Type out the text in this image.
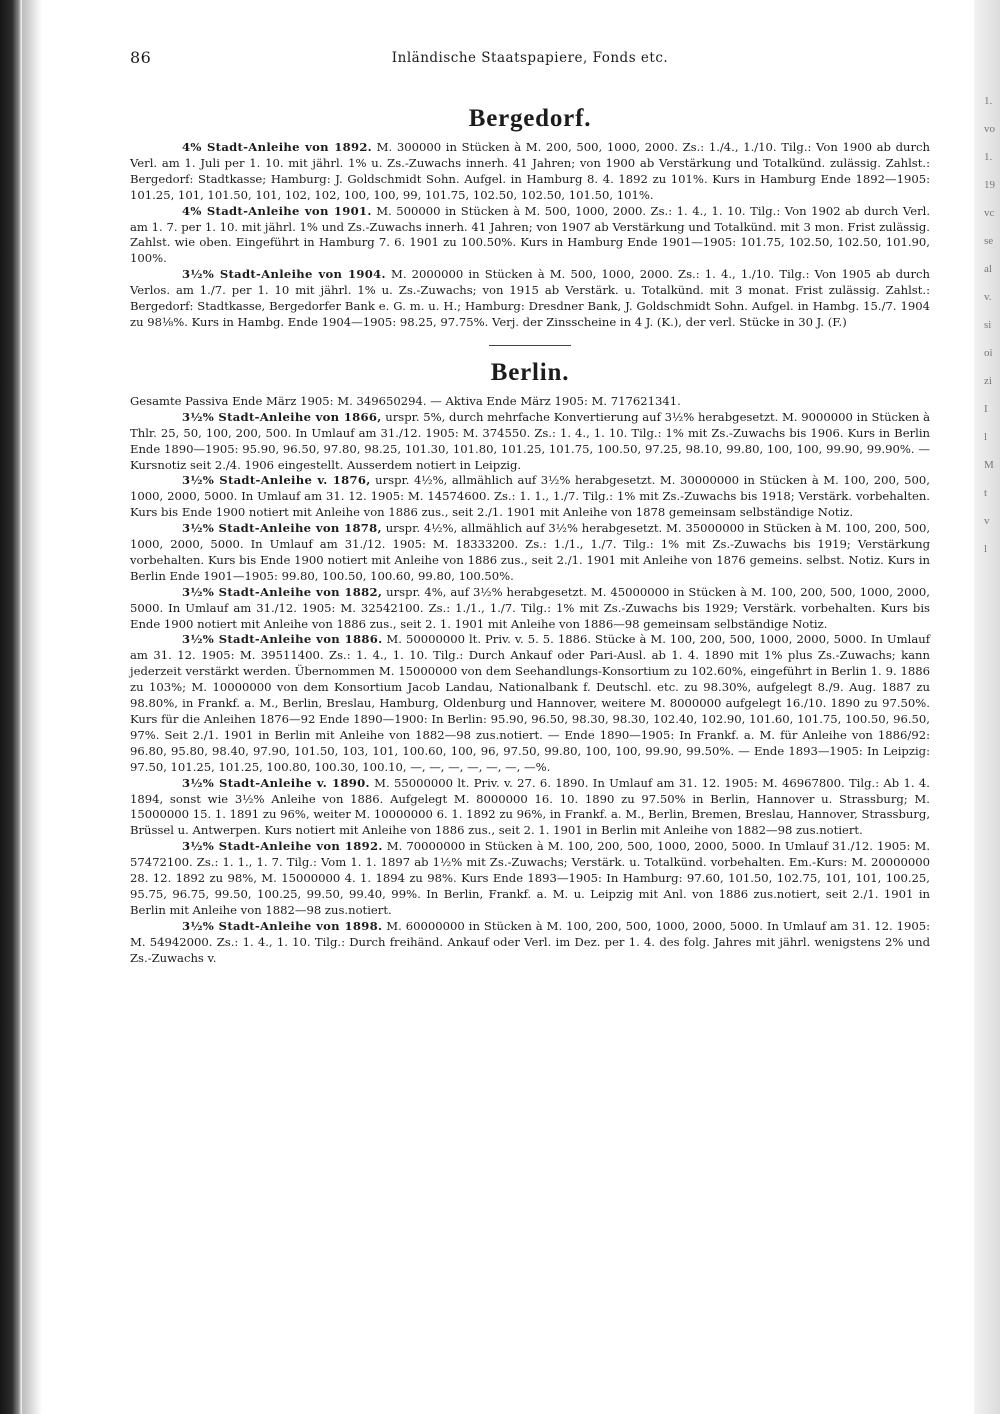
1.
vo
1.
19
vc
se
al
v.
si
oi
zi
I
l
M
t
v
l
86	Inländische Staatspapiere, Fonds etc.
Bergedorf.

4% Stadt-Anleihe von 1892. M. 300000 in Stücken à M. 200, 500, 1000, 2000. Zs.: 1./4., 1./10. Tilg.: Von 1900 ab durch Verl. am 1. Juli per 1. 10. mit jährl. 1% u. Zs.-Zuwachs innerh. 41 Jahren; von 1900 ab Verstärkung und Totalkünd. zulässig. Zahlst.: Bergedorf: Stadtkasse; Hamburg: J. Goldschmidt Sohn. Aufgel. in Hamburg 8. 4. 1892 zu 101%. Kurs in Hamburg Ende 1892—1905: 101.25, 101, 101.50, 101, 102, 102, 100, 100, 99, 101.75, 102.50, 102.50, 101.50, 101%.

4% Stadt-Anleihe von 1901. M. 500000 in Stücken à M. 500, 1000, 2000. Zs.: 1. 4., 1. 10. Tilg.: Von 1902 ab durch Verl. am 1. 7. per 1. 10. mit jährl. 1% und Zs.-Zuwachs innerh. 41 Jahren; von 1907 ab Verstärkung und Totalkünd. mit 3 mon. Frist zulässig. Zahlst. wie oben. Eingeführt in Hamburg 7. 6. 1901 zu 100.50%. Kurs in Hamburg Ende 1901—1905: 101.75, 102.50, 102.50, 101.90, 100%.

3½% Stadt-Anleihe von 1904. M. 2000000 in Stücken à M. 500, 1000, 2000. Zs.: 1. 4., 1./10. Tilg.: Von 1905 ab durch Verlos. am 1./7. per 1. 10 mit jährl. 1% u. Zs.-Zuwachs; von 1915 ab Verstärk. u. Totalkünd. mit 3 monat. Frist zulässig. Zahlst.: Bergedorf: Stadtkasse, Bergedorfer Bank e. G. m. u. H.; Hamburg: Dresdner Bank, J. Goldschmidt Sohn. Aufgel. in Hambg. 15./7. 1904 zu 98⅛%. Kurs in Hambg. Ende 1904—1905: 98.25, 97.75%. Verj. der Zinsscheine in 4 J. (K.), der verl. Stücke in 30 J. (F.)

Berlin.

Gesamte Passiva Ende März 1905: M. 349650294. — Aktiva Ende März 1905: M. 717621341.

3½% Stadt-Anleihe von 1866, urspr. 5%, durch mehrfache Konvertierung auf 3½% herabgesetzt. M. 9000000 in Stücken à Thlr. 25, 50, 100, 200, 500. In Umlauf am 31./12. 1905: M. 374550. Zs.: 1. 4., 1. 10. Tilg.: 1% mit Zs.-Zuwachs bis 1906. Kurs in Berlin Ende 1890—1905: 95.90, 96.50, 97.80, 98.25, 101.30, 101.80, 101.25, 101.75, 100.50, 97.25, 98.10, 99.80, 100, 100, 99.90, 99.90%. — Kursnotiz seit 2./4. 1906 eingestellt. Ausserdem notiert in Leipzig.

3½% Stadt-Anleihe v. 1876, urspr. 4½%, allmählich auf 3½% herabgesetzt. M. 30000000 in Stücken à M. 100, 200, 500, 1000, 2000, 5000. In Umlauf am 31. 12. 1905: M. 14574600. Zs.: 1. 1., 1./7. Tilg.: 1% mit Zs.-Zuwachs bis 1918; Verstärk. vorbehalten. Kurs bis Ende 1900 notiert mit Anleihe von 1886 zus., seit 2./1. 1901 mit Anleihe von 1878 gemeinsam selbständige Notiz.

3½% Stadt-Anleihe von 1878, urspr. 4½%, allmählich auf 3½% herabgesetzt. M. 35000000 in Stücken à M. 100, 200, 500, 1000, 2000, 5000. In Umlauf am 31./12. 1905: M. 18333200. Zs.: 1./1., 1./7. Tilg.: 1% mit Zs.-Zuwachs bis 1919; Verstärkung vorbehalten. Kurs bis Ende 1900 notiert mit Anleihe von 1886 zus., seit 2./1. 1901 mit Anleihe von 1876 gemeins. selbst. Notiz. Kurs in Berlin Ende 1901—1905: 99.80, 100.50, 100.60, 99.80, 100.50%.

3½% Stadt-Anleihe von 1882, urspr. 4%, auf 3½% herabgesetzt. M. 45000000 in Stücken à M. 100, 200, 500, 1000, 2000, 5000. In Umlauf am 31./12. 1905: M. 32542100. Zs.: 1./1., 1./7. Tilg.: 1% mit Zs.-Zuwachs bis 1929; Verstärk. vorbehalten. Kurs bis Ende 1900 notiert mit Anleihe von 1886 zus., seit 2. 1. 1901 mit Anleihe von 1886—98 gemeinsam selbständige Notiz.

3½% Stadt-Anleihe von 1886. M. 50000000 lt. Priv. v. 5. 5. 1886. Stücke à M. 100, 200, 500, 1000, 2000, 5000. In Umlauf am 31. 12. 1905: M. 39511400. Zs.: 1. 4., 1. 10. Tilg.: Durch Ankauf oder Pari-Ausl. ab 1. 4. 1890 mit 1% plus Zs.-Zuwachs; kann jederzeit verstärkt werden. Übernommen M. 15000000 von dem Seehandlungs-Konsortium zu 102.60%, eingeführt in Berlin 1. 9. 1886 zu 103%; M. 10000000 von dem Konsortium Jacob Landau, Nationalbank f. Deutschl. etc. zu 98.30%, aufgelegt 8./9. Aug. 1887 zu 98.80%, in Frankf. a. M., Berlin, Breslau, Hamburg, Oldenburg und Hannover, weitere M. 8000000 aufgelegt 16./10. 1890 zu 97.50%. Kurs für die Anleihen 1876—92 Ende 1890—1900: In Berlin: 95.90, 96.50, 98.30, 98.30, 102.40, 102.90, 101.60, 101.75, 100.50, 96.50, 97%. Seit 2./1. 1901 in Berlin mit Anleihe von 1882—98 zus.notiert. — Ende 1890—1905: In Frankf. a. M. für Anleihe von 1886/92: 96.80, 95.80, 98.40, 97.90, 101.50, 103, 101, 100.60, 100, 96, 97.50, 99.80, 100, 100, 99.90, 99.50%. — Ende 1893—1905: In Leipzig: 97.50, 101.25, 101.25, 100.80, 100.30, 100.10, —, —, —, —, —, —, —%.

3½% Stadt-Anleihe v. 1890. M. 55000000 lt. Priv. v. 27. 6. 1890. In Umlauf am 31. 12. 1905: M. 46967800. Tilg.: Ab 1. 4. 1894, sonst wie 3½% Anleihe von 1886. Aufgelegt M. 8000000 16. 10. 1890 zu 97.50% in Berlin, Hannover u. Strassburg; M. 15000000 15. 1. 1891 zu 96%, weiter M. 10000000 6. 1. 1892 zu 96%, in Frankf. a. M., Berlin, Bremen, Breslau, Hannover, Strassburg, Brüssel u. Antwerpen. Kurs notiert mit Anleihe von 1886 zus., seit 2. 1. 1901 in Berlin mit Anleihe von 1882—98 zus.notiert.

3½% Stadt-Anleihe von 1892. M. 70000000 in Stücken à M. 100, 200, 500, 1000, 2000, 5000. In Umlauf 31./12. 1905: M. 57472100. Zs.: 1. 1., 1. 7. Tilg.: Vom 1. 1. 1897 ab 1½% mit Zs.-Zuwachs; Verstärk. u. Totalkünd. vorbehalten. Em.-Kurs: M. 20000000 28. 12. 1892 zu 98%, M. 15000000 4. 1. 1894 zu 98%. Kurs Ende 1893—1905: In Hamburg: 97.60, 101.50, 102.75, 101, 101, 100.25, 95.75, 96.75, 99.50, 100.25, 99.50, 99.40, 99%. In Berlin, Frankf. a. M. u. Leipzig mit Anl. von 1886 zus.notiert, seit 2./1. 1901 in Berlin mit Anleihe von 1882—98 zus.notiert.

3½% Stadt-Anleihe von 1898. M. 60000000 in Stücken à M. 100, 200, 500, 1000, 2000, 5000. In Umlauf am 31. 12. 1905: M. 54942000. Zs.: 1. 4., 1. 10. Tilg.: Durch freihänd. Ankauf oder Verl. im Dez. per 1. 4. des folg. Jahres mit jährl. wenigstens 2% und Zs.-Zuwachs v.
